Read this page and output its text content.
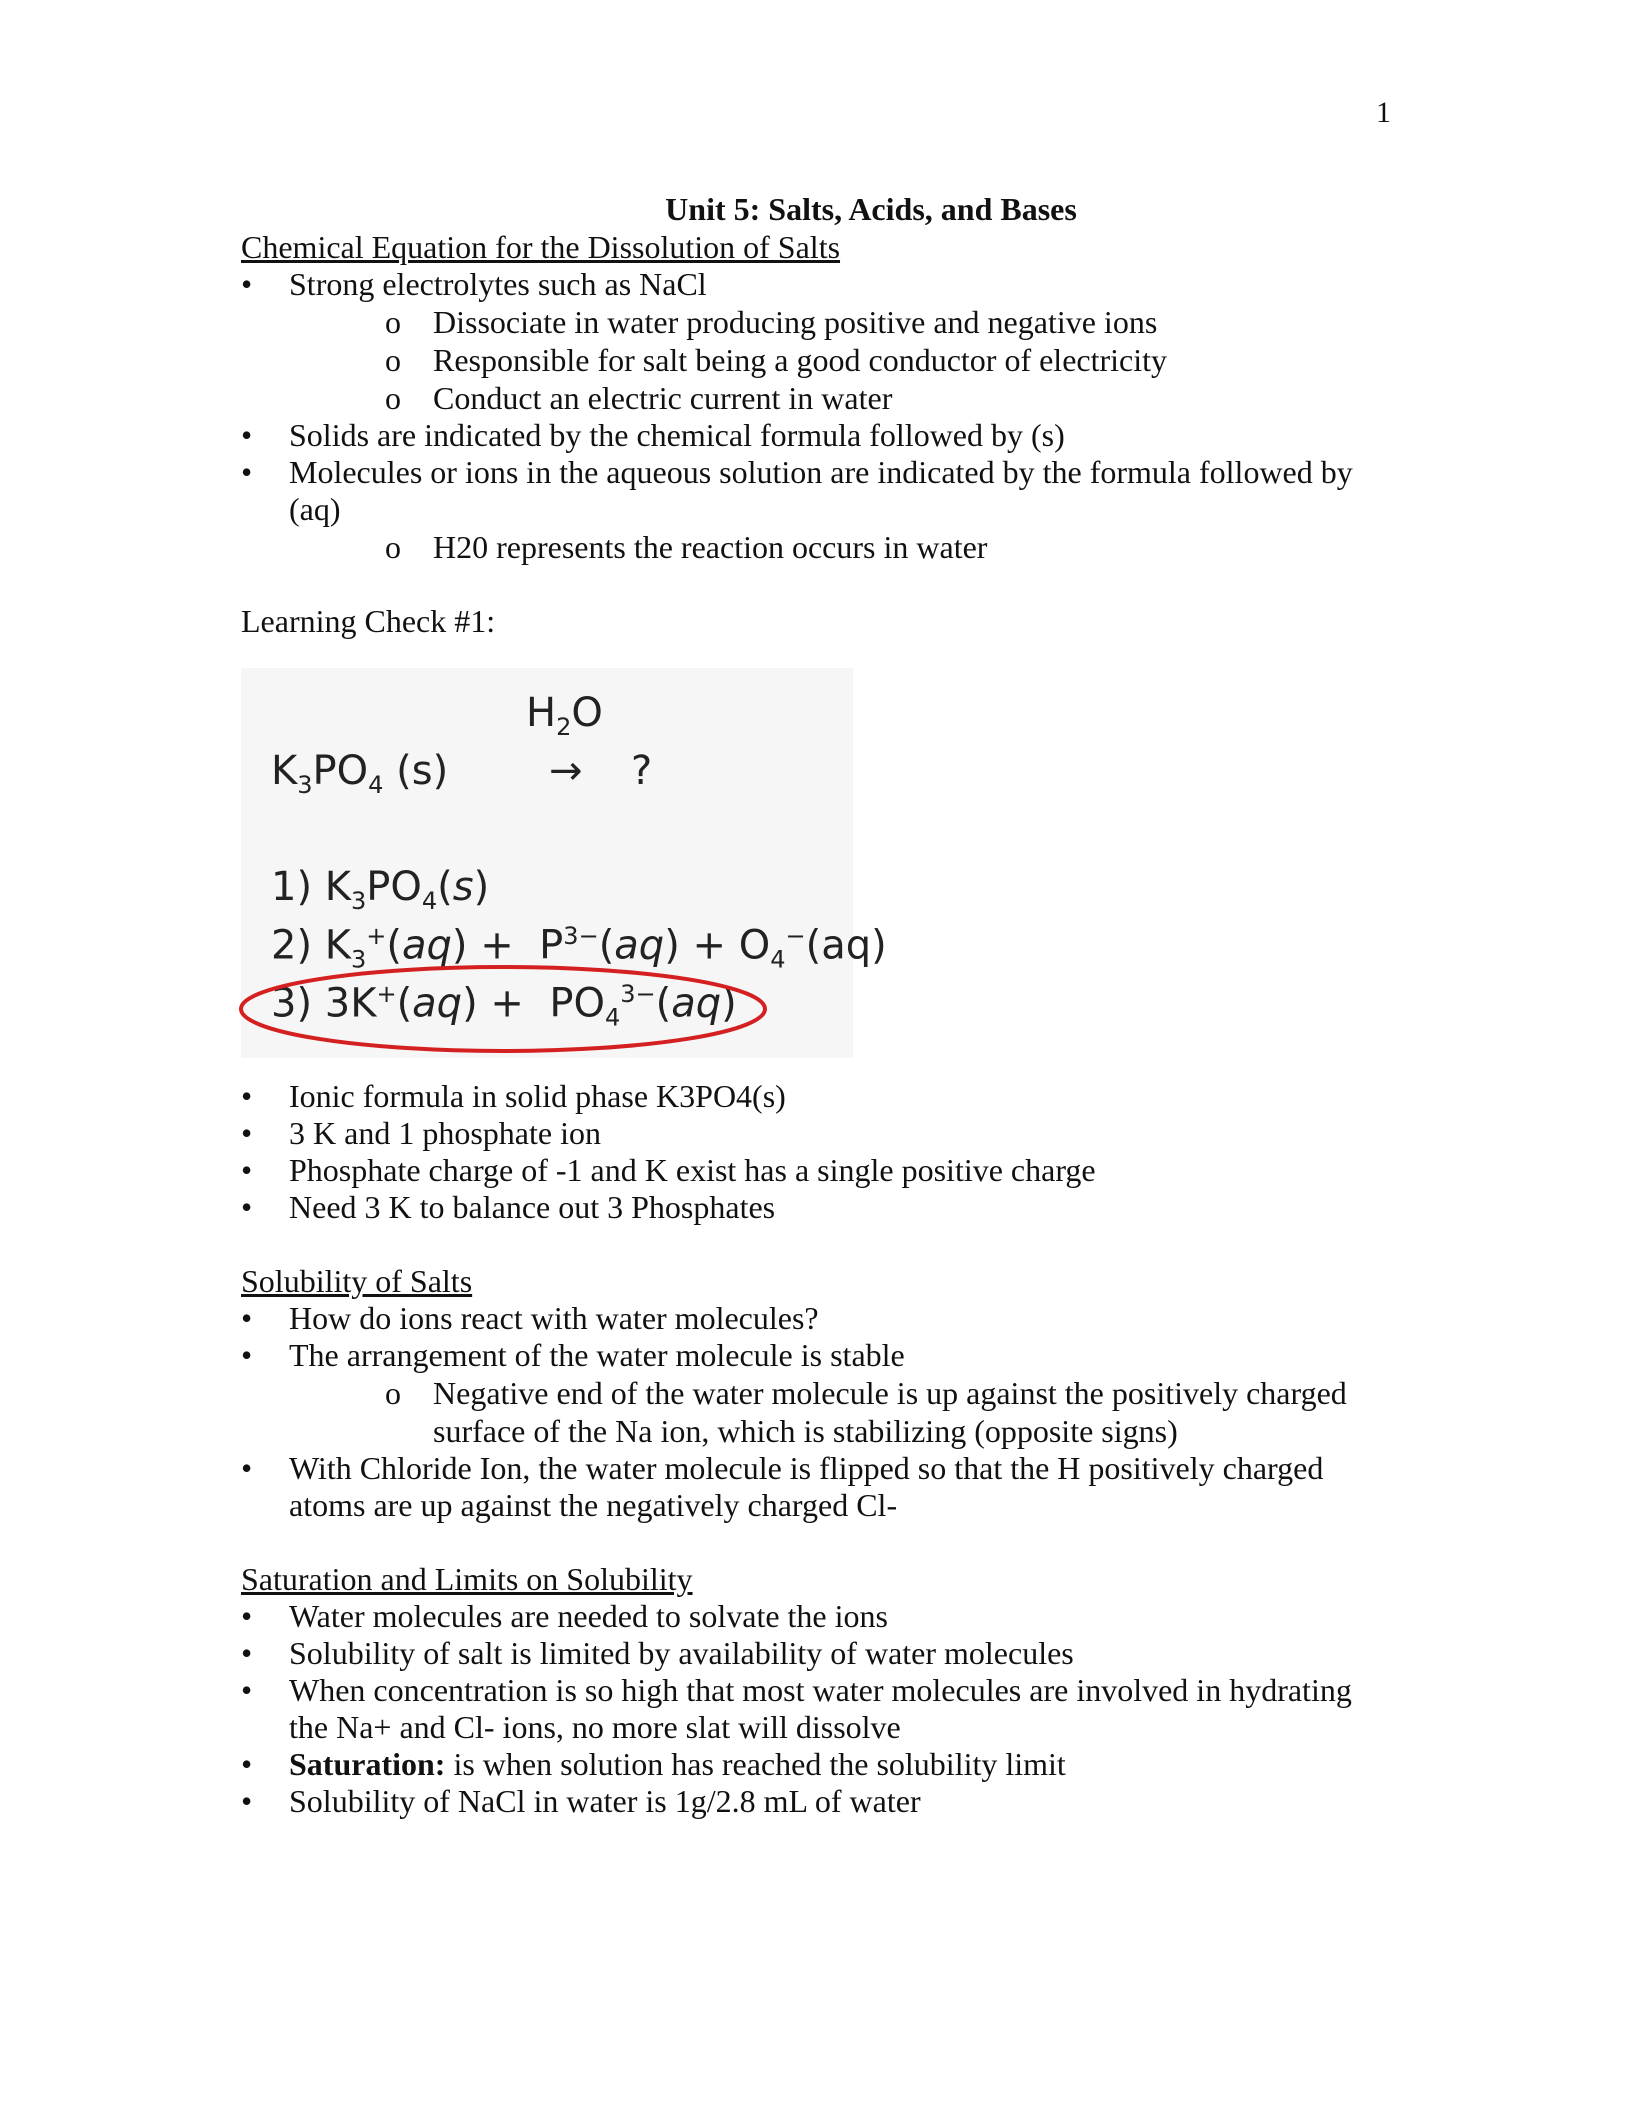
1
Unit 5: Salts, Acids, and Bases
Chemical Equation for the Dissolution of Salts
• Strong electrolytes such as NaCl
o Dissociate in water producing positive and negative ions
o Responsible for salt being a good conductor of electricity
o Conduct an electric current in water
• Solids are indicated by the chemical formula followed by (s)
• Molecules or ions in the aqueous solution are indicated by the formula followed by (aq)
o H20 represents the reaction occurs in water
Learning Check #1:
$H_2O$
$K_3PO_4$ (s)	→ ?
1) $K_3PO_4(s)$
2) $K_3^+(aq) + P^{3-}(aq) + O_4^-(aq)$
3) $3K^+(aq) + PO_4^{3-}(aq)$
• Ionic formula in solid phase K3PO4(s)
• 3 K and 1 phosphate ion
• Phosphate charge of -1 and K exist has a single positive charge
• Need 3 K to balance out 3 Phosphates
Solubility of Salts
• How do ions react with water molecules?
• The arrangement of the water molecule is stable
o Negative end of the water molecule is up against the positively charged surface of the Na ion, which is stabilizing (opposite signs)
• With Chloride Ion, the water molecule is flipped so that the H positively charged atoms are up against the negatively charged Cl-
Saturation and Limits on Solubility
• Water molecules are needed to solvate the ions
• Solubility of salt is limited by availability of water molecules
• When concentration is so high that most water molecules are involved in hydrating the Na+ and Cl- ions, no more slat will dissolve
• Saturation: is when solution has reached the solubility limit
• Solubility of NaCl in water is 1g/2.8 mL of water
